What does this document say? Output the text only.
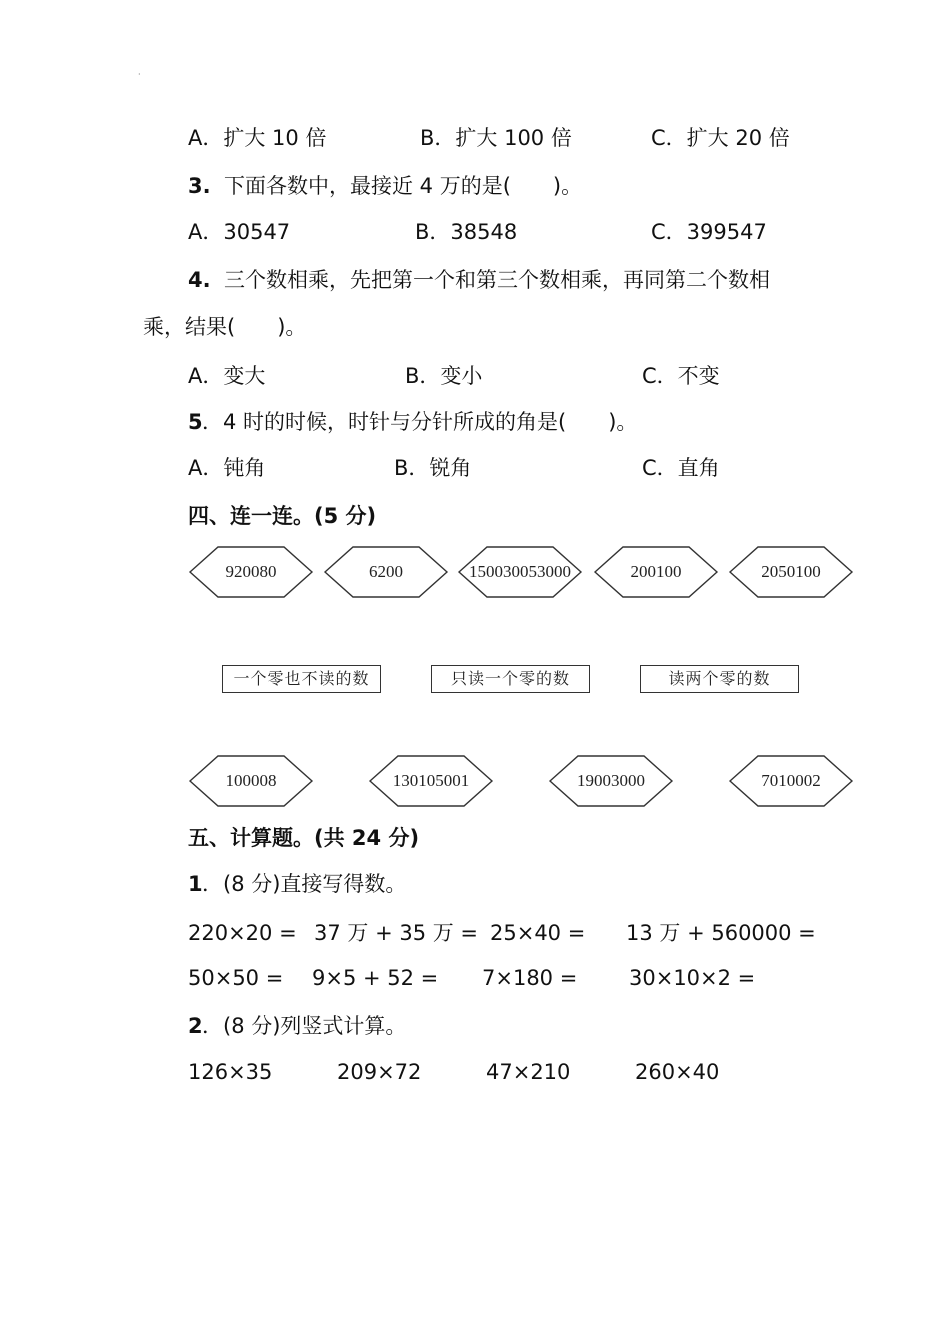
·
A．扩大 10 倍	B．扩大 100 倍	C．扩大 20 倍
3. 下面各数中，最接近 4 万的是(　　)。
A．30547	B．38548	C．399547
4. 三个数相乘，先把第一个和第三个数相乘，再同第二个数相
乘，结果(　　)。
A．变大	B．变小	C．不变
5 ．4 时的时候，时针与分针所成的角是(　　)。
A．钝角	B．锐角	C．直角
四、连一连。(5 分)
920080	6200	150030053000	200100	2050100
一个零也不读的数	只读一个零的数	读两个零的数
100008	130105001	19003000	7010002
五、计算题。(共 24 分)
1 ．(8 分)直接写得数。
220×20 = 37 万 + 35 万 = 25×40 = 13 万 + 560000 =
50×50 = 9×5 + 52 = 7×180 = 30×10×2 =
2 ．(8 分)列竖式计算。
126×35	209×72	47×210	260×40
